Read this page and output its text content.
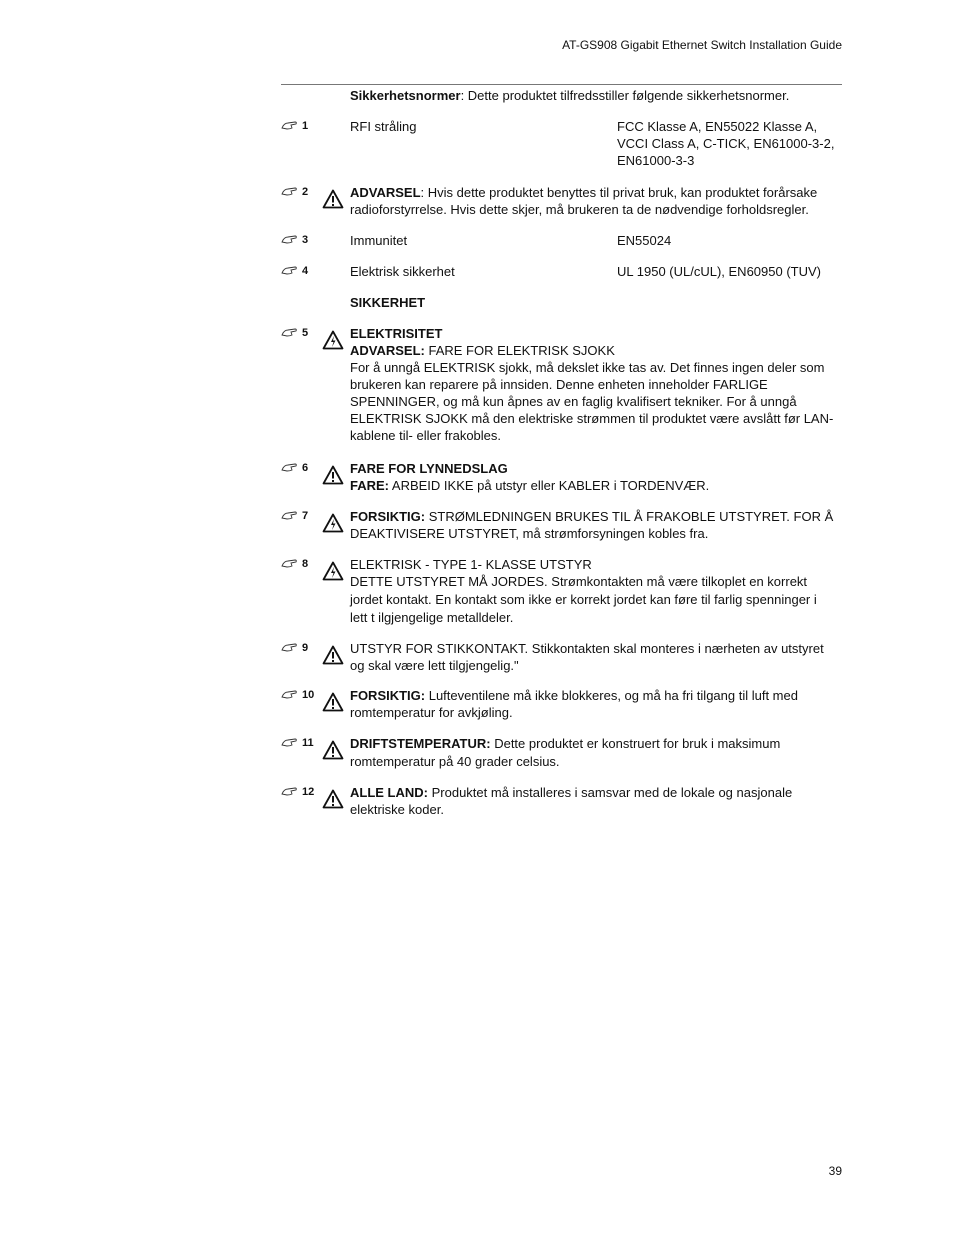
AT-GS908 Gigabit Ethernet Switch Installation Guide
Sikkerhetsnormer: Dette produktet tilfredsstiller følgende sikkerhetsnormer.
1	RFI stråling	FCC Klasse A, EN55022 Klasse A, VCCI Class A, C-TICK, EN61000-3-2, EN61000-3-3
2	ADVARSEL: Hvis dette produktet benyttes til privat bruk, kan produktet forårsake radioforstyrrelse. Hvis dette skjer, må brukeren ta de nødvendige forholdsregler.
3	Immunitet	EN55024
4	Elektrisk sikkerhet	UL 1950 (UL/cUL), EN60950 (TUV)
SIKKERHET
5	ELEKTRISITET

ADVARSEL: FARE FOR ELEKTRISK SJOKK

For å unngå ELEKTRISK sjokk, må dekslet ikke tas av. Det finnes ingen deler som brukeren kan reparere på innsiden. Denne enheten inneholder FARLIGE SPENNINGER, og må kun åpnes av en faglig kvalifisert tekniker. For å unngå ELEKTRISK SJOKK må den elektriske strømmen til produktet være avslått før LAN-kablene til- eller frakobles.

6	FARE FOR LYNNEDSLAG

FARE: ARBEID IKKE på utstyr eller KABLER i TORDENVÆR.

7	FORSIKTIG: STRØMLEDNINGEN BRUKES TIL Å FRAKOBLE UTSTYRET. FOR Å DEAKTIVISERE UTSTYRET, må strømforsyningen kobles fra.
8	ELEKTRISK - TYPE 1- KLASSE UTSTYR

DETTE UTSTYRET MÅ JORDES. Strømkontakten må være tilkoplet en korrekt jordet kontakt. En kontakt som ikke er korrekt jordet kan føre til farlig spenninger i lett t ilgjengelige metalldeler.

9	UTSTYR FOR STIKKONTAKT. Stikkontakten skal monteres i nærheten av utstyret og skal være lett tilgjengelig."
10	FORSIKTIG: Lufteventilene må ikke blokkeres, og må ha fri tilgang til luft med romtemperatur for avkjøling.
11	DRIFTSTEMPERATUR: Dette produktet er konstruert for bruk i maksimum romtemperatur på 40 grader celsius.
12	ALLE LAND: Produktet må installeres i samsvar med de lokale og nasjonale elektriske koder.
39
